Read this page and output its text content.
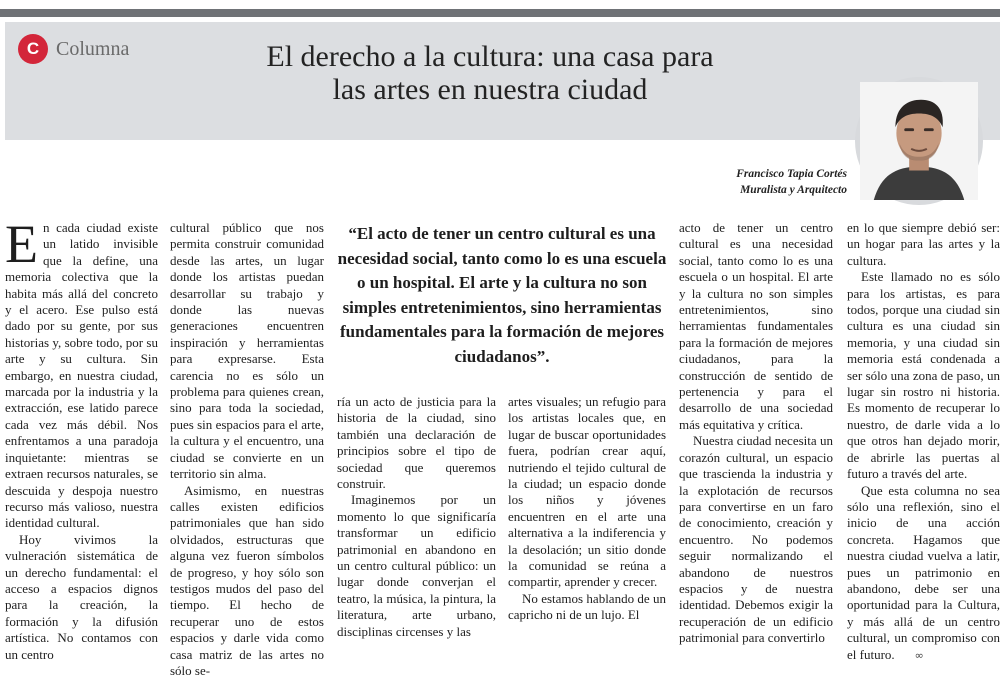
C Columna	El derecho a la cultura: una casa para
las artes en nuestra ciudad
Francisco Tapia Cortés
Muralista y Arquitecto

En cada ciudad existe un latido invisible que la define, una memoria colectiva que la habita más allá del concreto y el acero. Ese pulso está dado por su gente, por sus historias y, sobre todo, por su arte y su cultura. Sin embargo, en nuestra ciudad, marcada por la industria y la extracción, ese latido parece cada vez más débil. Nos enfrentamos a una paradoja inquietante: mientras se extraen recursos naturales, se descuida y despoja nuestro recurso más valioso, nuestra identidad cultural.

Hoy vivimos la vulneración sistemática de un derecho fundamental: el acceso a espacios dignos para la creación, la formación y la difusión artística. No contamos con un centro

cultural público que nos permita construir comunidad desde las artes, un lugar donde los artistas puedan desarrollar su trabajo y donde las nuevas generaciones encuentren inspiración y herramientas para expresarse. Esta carencia no es sólo un problema para quienes crean, sino para toda la sociedad, pues sin espacios para el arte, la cultura y el encuentro, una ciudad se convierte en un territorio sin alma.

Asimismo, en nuestras calles existen edificios patrimoniales que han sido olvidados, estructuras que alguna vez fueron símbolos de progreso, y hoy sólo son testigos mudos del paso del tiempo. El hecho de recuperar uno de estos espacios y darle vida como casa matriz de las artes no sólo se-

“El acto de tener un centro cultural es una necesidad social, tanto como lo es una escuela o un hospital. El arte y la cultura no son simples entretenimientos, sino herramientas fundamentales para la formación de mejores ciudadanos”.

ría un acto de justicia para la historia de la ciudad, sino también una declaración de principios sobre el tipo de sociedad que queremos construir.

Imaginemos por un momento lo que significaría transformar un edificio patrimonial en abandono en un centro cultural público: un lugar donde converjan el teatro, la música, la pintura, la literatura, arte urbano, disciplinas circenses y las

artes visuales; un refugio para los artistas locales que, en lugar de buscar oportunidades fuera, podrían crear aquí, nutriendo el tejido cultural de la ciudad; un espacio donde los niños y jóvenes encuentren en el arte una alternativa a la indiferencia y la desolación; un sitio donde la comunidad se reúna a compartir, aprender y crecer.

No estamos hablando de un capricho ni de un lujo. El

acto de tener un centro cultural es una necesidad social, tanto como lo es una escuela o un hospital. El arte y la cultura no son simples entretenimientos, sino herramientas fundamentales para la formación de mejores ciudadanos, para la construcción de sentido de pertenencia y para el desarrollo de una sociedad más equitativa y crítica.

Nuestra ciudad necesita un corazón cultural, un espacio que trascienda la industria y la explotación de recursos para convertirse en un faro de conocimiento, creación y encuentro. No podemos seguir normalizando el abandono de nuestros espacios y de nuestra identidad. Debemos exigir la recuperación de un edificio patrimonial para convertirlo

en lo que siempre debió ser: un hogar para las artes y la cultura.

Este llamado no es sólo para los artistas, es para todos, porque una ciudad sin cultura es una ciudad sin memoria, y una ciudad sin memoria está condenada a ser sólo una zona de paso, un lugar sin rostro ni historia. Es momento de recuperar lo nuestro, de darle vida a lo que otros han dejado morir, de abrirle las puertas al futuro a través del arte.

Que esta columna no sea sólo una reflexión, sino el inicio de una acción concreta. Hagamos que nuestra ciudad vuelva a latir, pues un patrimonio en abandono, debe ser una oportunidad para la Cultura, y más allá de un centro cultural, un compromiso con el futuro. ∞
